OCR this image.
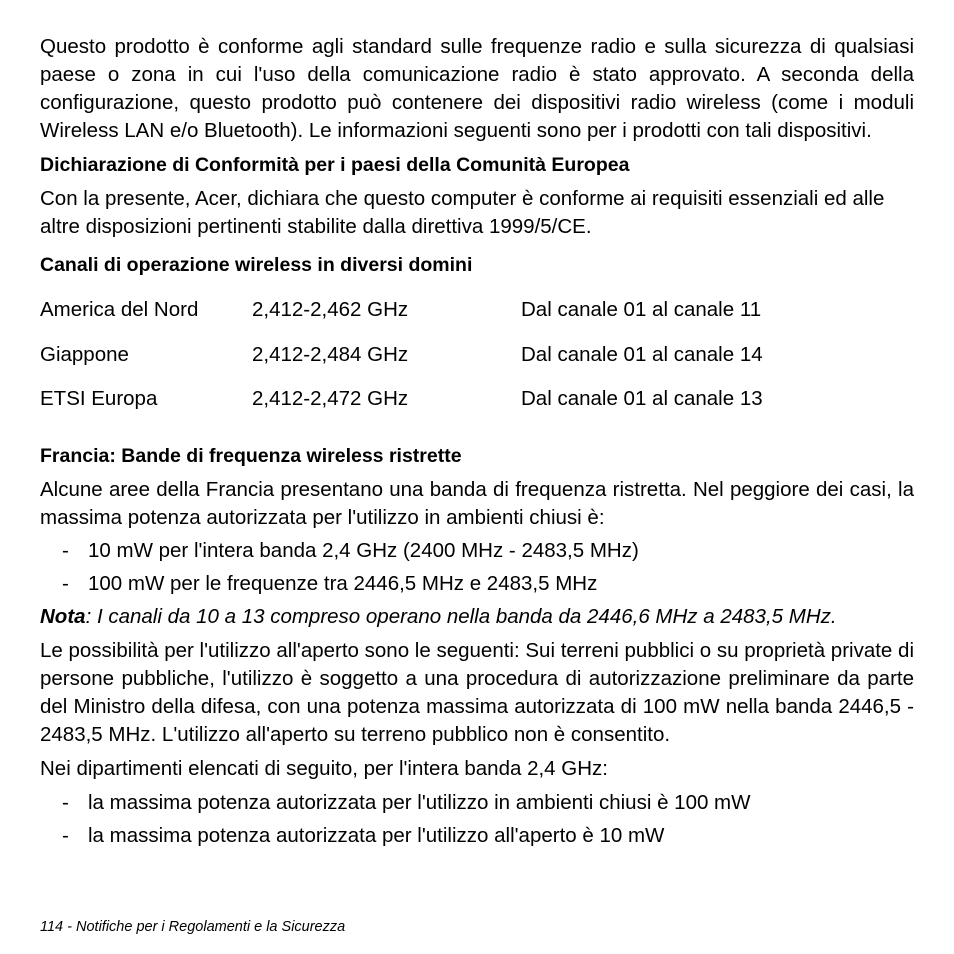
Questo prodotto è conforme agli standard sulle frequenze radio e sulla sicurezza di qualsiasi paese o zona in cui l'uso della comunicazione radio è stato approvato. A seconda della configurazione, questo prodotto può contenere dei dispositivi radio wireless (come i moduli Wireless LAN e/o Bluetooth). Le informazioni seguenti sono per i prodotti con tali dispositivi.

Dichiarazione di Conformità per i paesi della Comunità Europea

Con la presente, Acer, dichiara che questo computer è conforme ai requisiti essenziali ed alle altre disposizioni pertinenti stabilite dalla direttiva 1999/5/CE.

Canali di operazione wireless in diversi domini

America del Nord	2,412-2,462 GHz	Dal canale 01 al canale 11
Giappone	2,412-2,484 GHz	Dal canale 01 al canale 14
ETSI Europa	2,412-2,472 GHz	Dal canale 01 al canale 13

Francia: Bande di frequenza wireless ristrette

Alcune aree della Francia presentano una banda di frequenza ristretta. Nel peggiore dei casi, la massima potenza autorizzata per l'utilizzo in ambienti chiusi è:

- 10 mW per l'intera banda 2,4 GHz (2400 MHz - 2483,5 MHz)
- 100 mW per le frequenze tra 2446,5 MHz e 2483,5 MHz

Nota: I canali da 10 a 13 compreso operano nella banda da 2446,6 MHz a 2483,5 MHz.

Le possibilità per l'utilizzo all'aperto sono le seguenti: Sui terreni pubblici o su proprietà private di persone pubbliche, l'utilizzo è soggetto a una procedura di autorizzazione preliminare da parte del Ministro della difesa, con una potenza massima autorizzata di 100 mW nella banda 2446,5 - 2483,5 MHz. L'utilizzo all'aperto su terreno pubblico non è consentito.

Nei dipartimenti elencati di seguito, per l'intera banda 2,4 GHz:

- la massima potenza autorizzata per l'utilizzo in ambienti chiusi è 100 mW
- la massima potenza autorizzata per l'utilizzo all'aperto è 10 mW
114 - Notifiche per i Regolamenti e la Sicurezza
